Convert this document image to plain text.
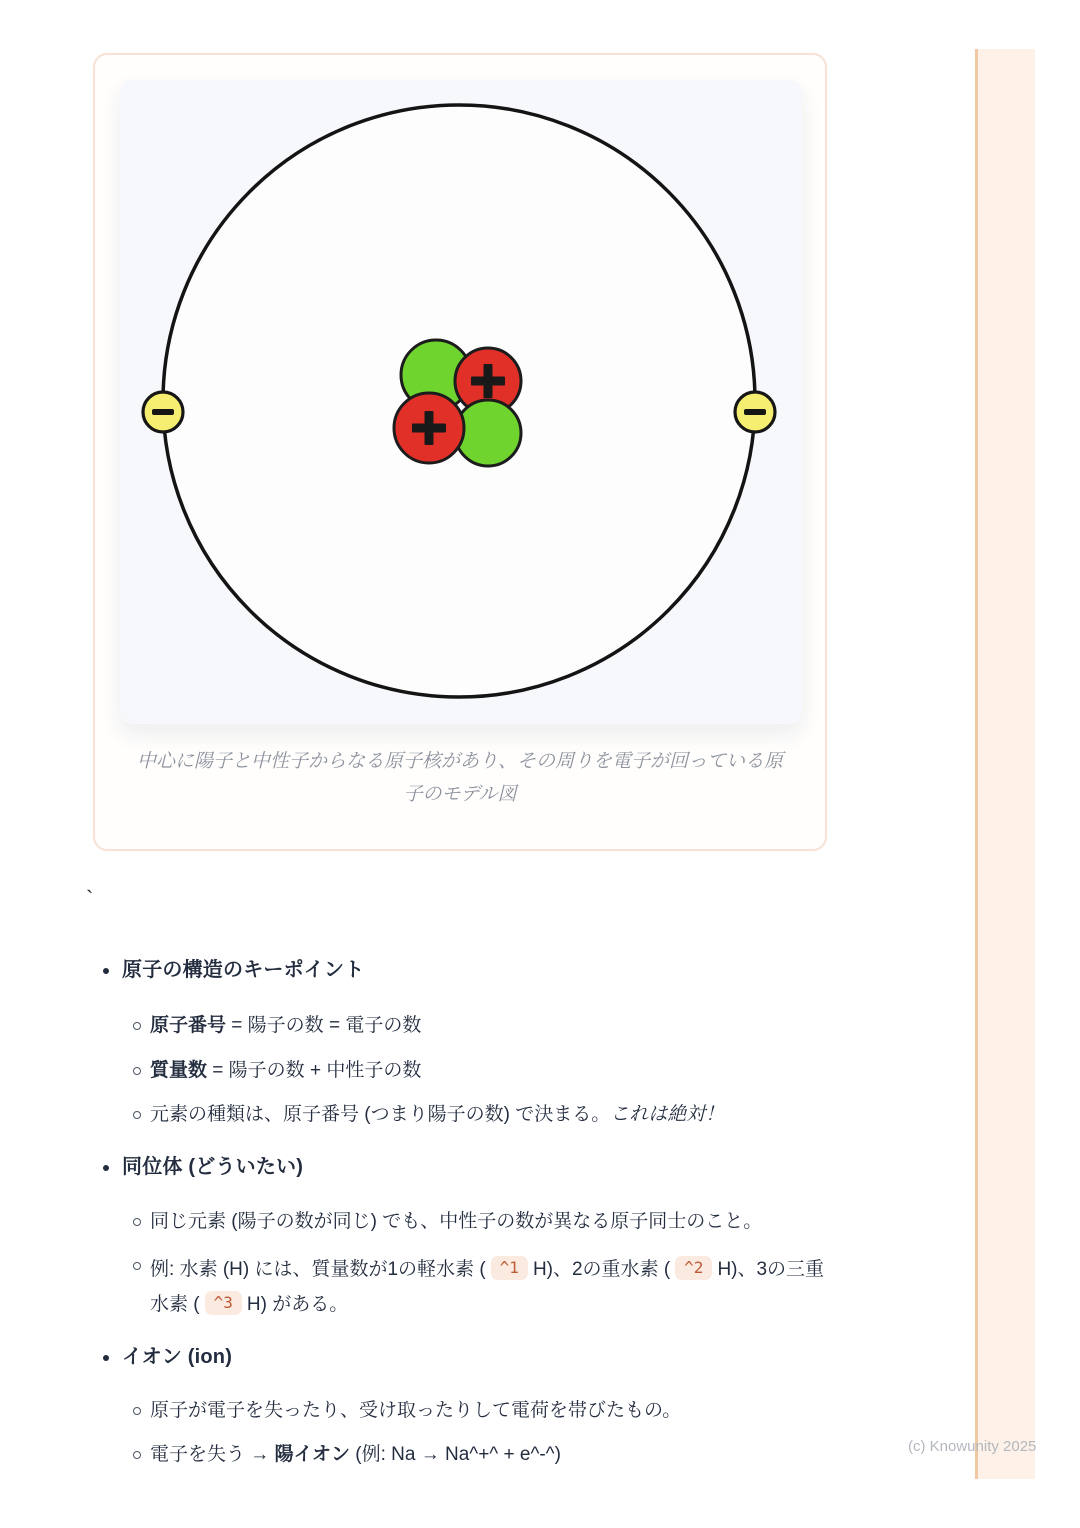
中心に陽子と中性子からなる原子核があり、その周りを電子が回っている原子のモデル図

`
原子の構造のキーポイント
原子番号 = 陽子の数 = 電子の数
質量数 = 陽子の数 + 中性子の数
元素の種類は、原子番号 (つまり陽子の数) で決まる。これは絶対！
同位体 (どういたい)
同じ元素 (陽子の数が同じ) でも、中性子の数が異なる原子同士のこと。
例: 水素 (H) には、質量数が1の軽水素 ( ^1 H)、2の重水素 ( ^2 H)、3の三重水素 ( ^3 H) がある。
イオン (ion)
原子が電子を失ったり、受け取ったりして電荷を帯びたもの。
電子を失う → 陽イオン (例: Na → Na^+^ + e^-^)	(c) Knowunity 2025
